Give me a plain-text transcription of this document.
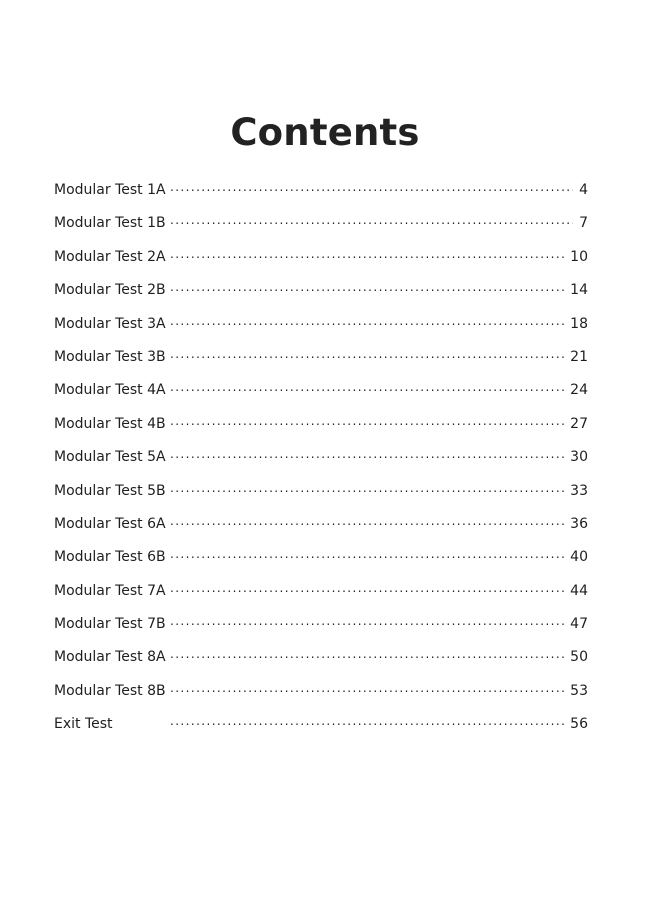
Contents
Modular Test 1A .....	4
Modular Test 1B .....	7
Modular Test 2A .....	10
Modular Test 2B .....	14
Modular Test 3A .....	18
Modular Test 3B .....	21
Modular Test 4A .....	24
Modular Test 4B .....	27
Modular Test 5A .....	30
Modular Test 5B .....	33
Modular Test 6A .....	36
Modular Test 6B .....	40
Modular Test 7A .....	44
Modular Test 7B .....	47
Modular Test 8A .....	50
Modular Test 8B .....	53
Exit Test .....	56
